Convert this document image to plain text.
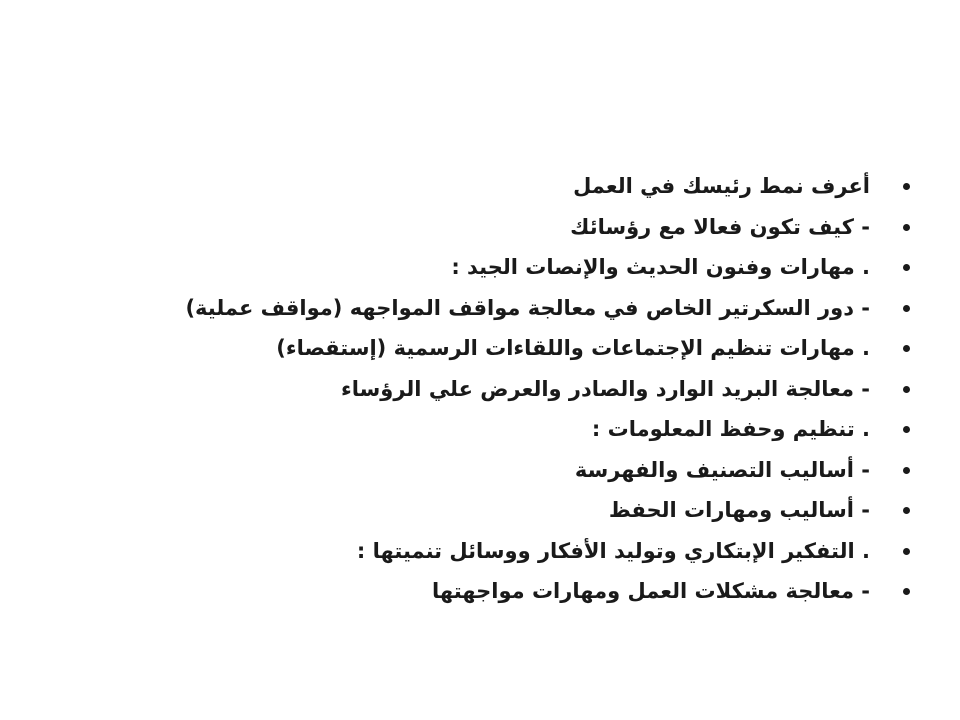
أعرف نمط رئيسك في العمل
- كيف تكون فعالا مع رؤسائك
. مهارات وفنون الحديث والإنصات الجيد :
- دور السكرتير الخاص في معالجة مواقف المواجهه (مواقف عملية)
. مهارات تنظيم الإجتماعات واللقاءات الرسمية (إستقصاء)
- معالجة البريد الوارد والصادر والعرض علي الرؤساء
. تنظيم وحفظ المعلومات :
- أساليب التصنيف والفهرسة
- أساليب ومهارات الحفظ
. التفكير الإبتكاري وتوليد الأفكار ووسائل تنميتها :
- معالجة مشكلات العمل ومهارات مواجهتها
